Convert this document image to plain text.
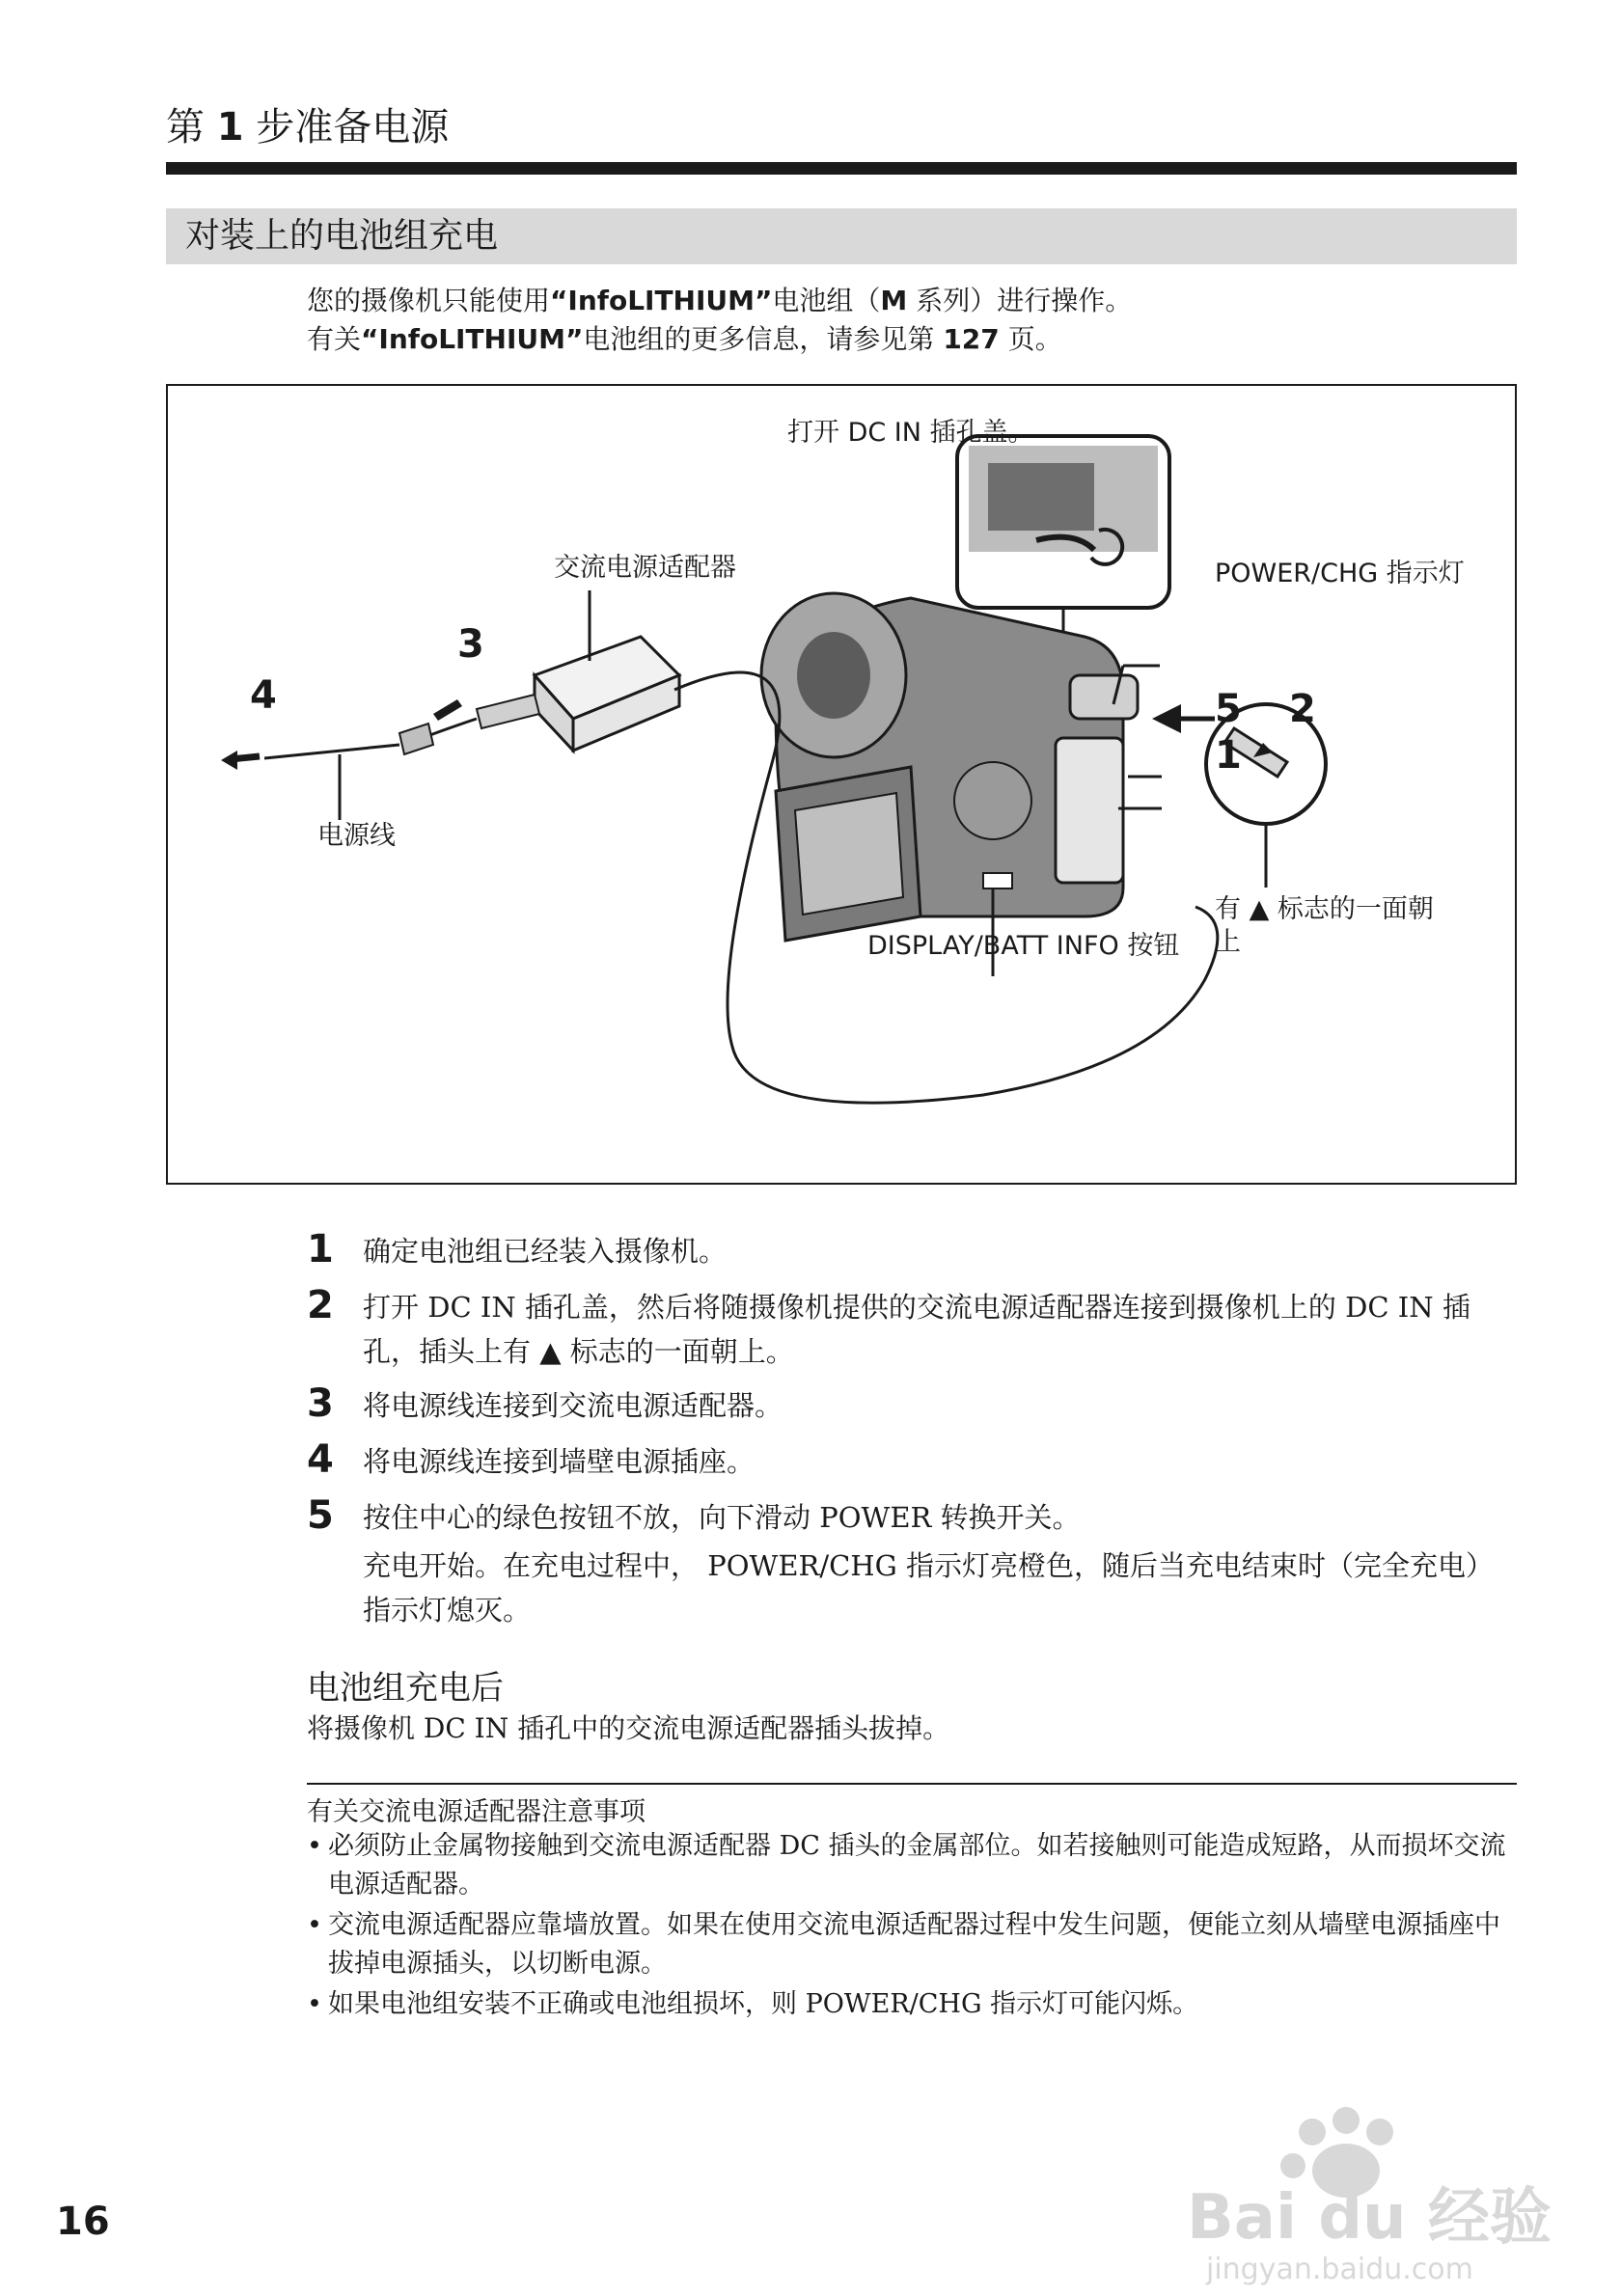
第 1 步准备电源
对装上的电池组充电
您的摄像机只能使用“InfoLITHIUM”电池组（M 系列）进行操作。
有关“InfoLITHIUM”电池组的更多信息，请参见第 127 页。
打开 DC IN 插孔盖。
POWER/CHG 指示灯
交流电源适配器
电源线
DISPLAY/BATT INFO 按钮
有 ▲ 标志的一面朝上
1
2
3
4	5
1 确定电池组已经装入摄像机。
2 打开 DC IN 插孔盖，然后将随摄像机提供的交流电源适配器连接到摄像机上的 DC IN 插孔，插头上有 ▲ 标志的一面朝上。
3 将电源线连接到交流电源适配器。
4 将电源线连接到墙壁电源插座。
5 按住中心的绿色按钮不放，向下滑动 POWER 转换开关。
充电开始。在充电过程中， POWER/CHG 指示灯亮橙色，随后当充电结束时（完全充电）指示灯熄灭。
电池组充电后
将摄像机 DC IN 插孔中的交流电源适配器插头拔掉。
有关交流电源适配器注意事项
• 必须防止金属物接触到交流电源适配器 DC 插头的金属部位。如若接触则可能造成短路，从而损坏交流电源适配器。
• 交流电源适配器应靠墙放置。如果在使用交流电源适配器过程中发生问题，便能立刻从墙壁电源插座中拔掉电源插头，以切断电源。
• 如果电池组安装不正确或电池组损坏，则 POWER/CHG 指示灯可能闪烁。
16	Bai du 经验
jingyan.baidu.com
